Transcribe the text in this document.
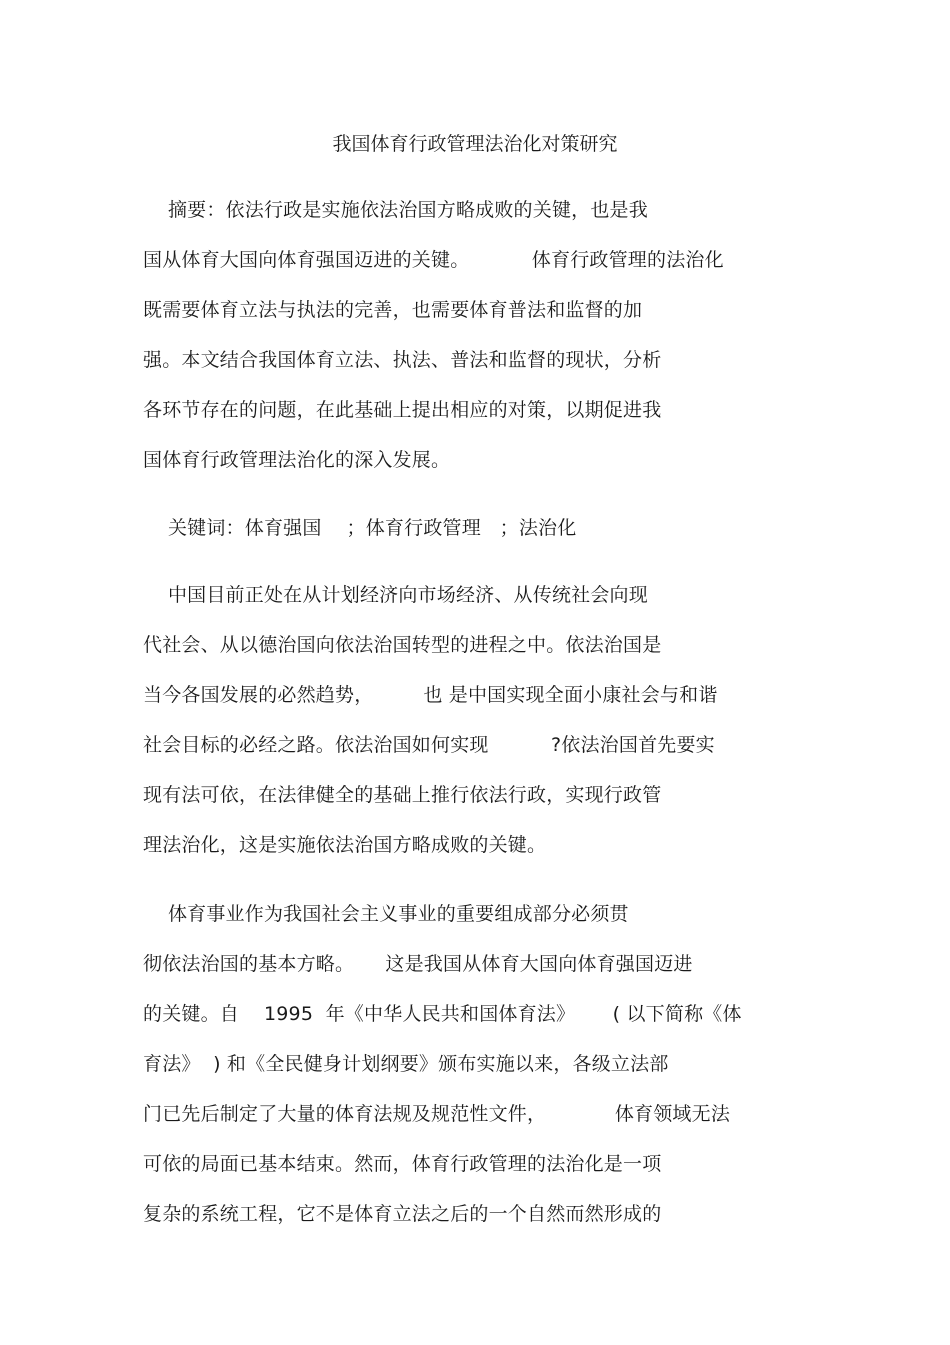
我国体育行政管理法治化对策研究
摘要：依法行政是实施依法治国方略成败的关键，也是我
国从体育大国向体育强国迈进的关键。          体育行政管理的法治化
既需要体育立法与执法的完善，也需要体育普法和监督的加
强。本文结合我国体育立法、执法、普法和监督的现状，分析
各环节存在的问题，在此基础上提出相应的对策，以期促进我
国体育行政管理法治化的深入发展。
关键词：体育强国    ；体育行政管理   ；法治化
中国目前正处在从计划经济向市场经济、从传统社会向现
代社会、从以德治国向依法治国转型的进程之中。依法治国是
当今各国发展的必然趋势，        也 是中国实现全面小康社会与和谐
社会目标的必经之路。依法治国如何实现          ?依法治国首先要实
现有法可依，在法律健全的基础上推行依法行政，实现行政管
理法治化，这是实施依法治国方略成败的关键。
体育事业作为我国社会主义事业的重要组成部分必须贯
彻依法治国的基本方略。     这是我国从体育大国向体育强国迈进
的关键。自    1995  年《中华人民共和国体育法》      ( 以下简称《体
育法》  ) 和《全民健身计划纲要》颁布实施以来，各级立法部
门已先后制定了大量的体育法规及规范性文件，           体育领域无法
可依的局面已基本结束。然而，体育行政管理的法治化是一项
复杂的系统工程，它不是体育立法之后的一个自然而然形成的
